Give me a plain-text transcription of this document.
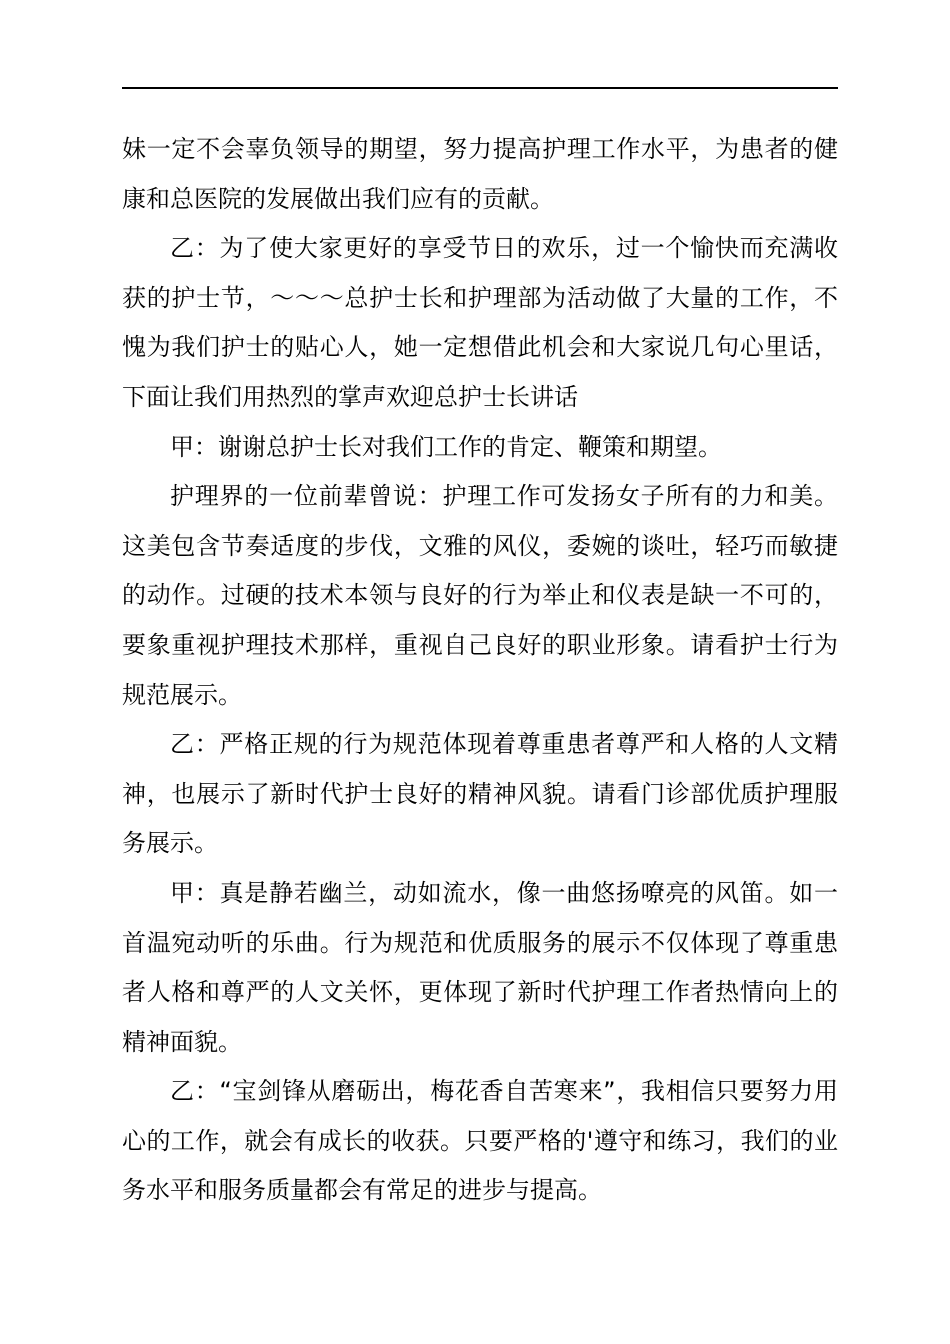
妹一定不会辜负领导的期望，努力提高护理工作水平，为患者的健康和总医院的发展做出我们应有的贡献。

乙：为了使大家更好的享受节日的欢乐，过一个愉快而充满收获的护士节，～～～总护士长和护理部为活动做了大量的工作，不愧为我们护士的贴心人，她一定想借此机会和大家说几句心里话，下面让我们用热烈的掌声欢迎总护士长讲话

甲：谢谢总护士长对我们工作的肯定、鞭策和期望。

护理界的一位前辈曾说：护理工作可发扬女子所有的力和美。这美包含节奏适度的步伐，文雅的风仪，委婉的谈吐，轻巧而敏捷的动作。过硬的技术本领与良好的行为举止和仪表是缺一不可的，要象重视护理技术那样，重视自己良好的职业形象。请看护士行为规范展示。

乙：严格正规的行为规范体现着尊重患者尊严和人格的人文精神，也展示了新时代护士良好的精神风貌。请看门诊部优质护理服务展示。

甲：真是静若幽兰，动如流水，像一曲悠扬嘹亮的风笛。如一首温宛动听的乐曲。行为规范和优质服务的展示不仅体现了尊重患者人格和尊严的人文关怀，更体现了新时代护理工作者热情向上的精神面貌。

乙：“宝剑锋从磨砺出，梅花香自苦寒来”，我相信只要努力用心的工作，就会有成长的收获。只要严格的'遵守和练习，我们的业务水平和服务质量都会有常足的进步与提高。
